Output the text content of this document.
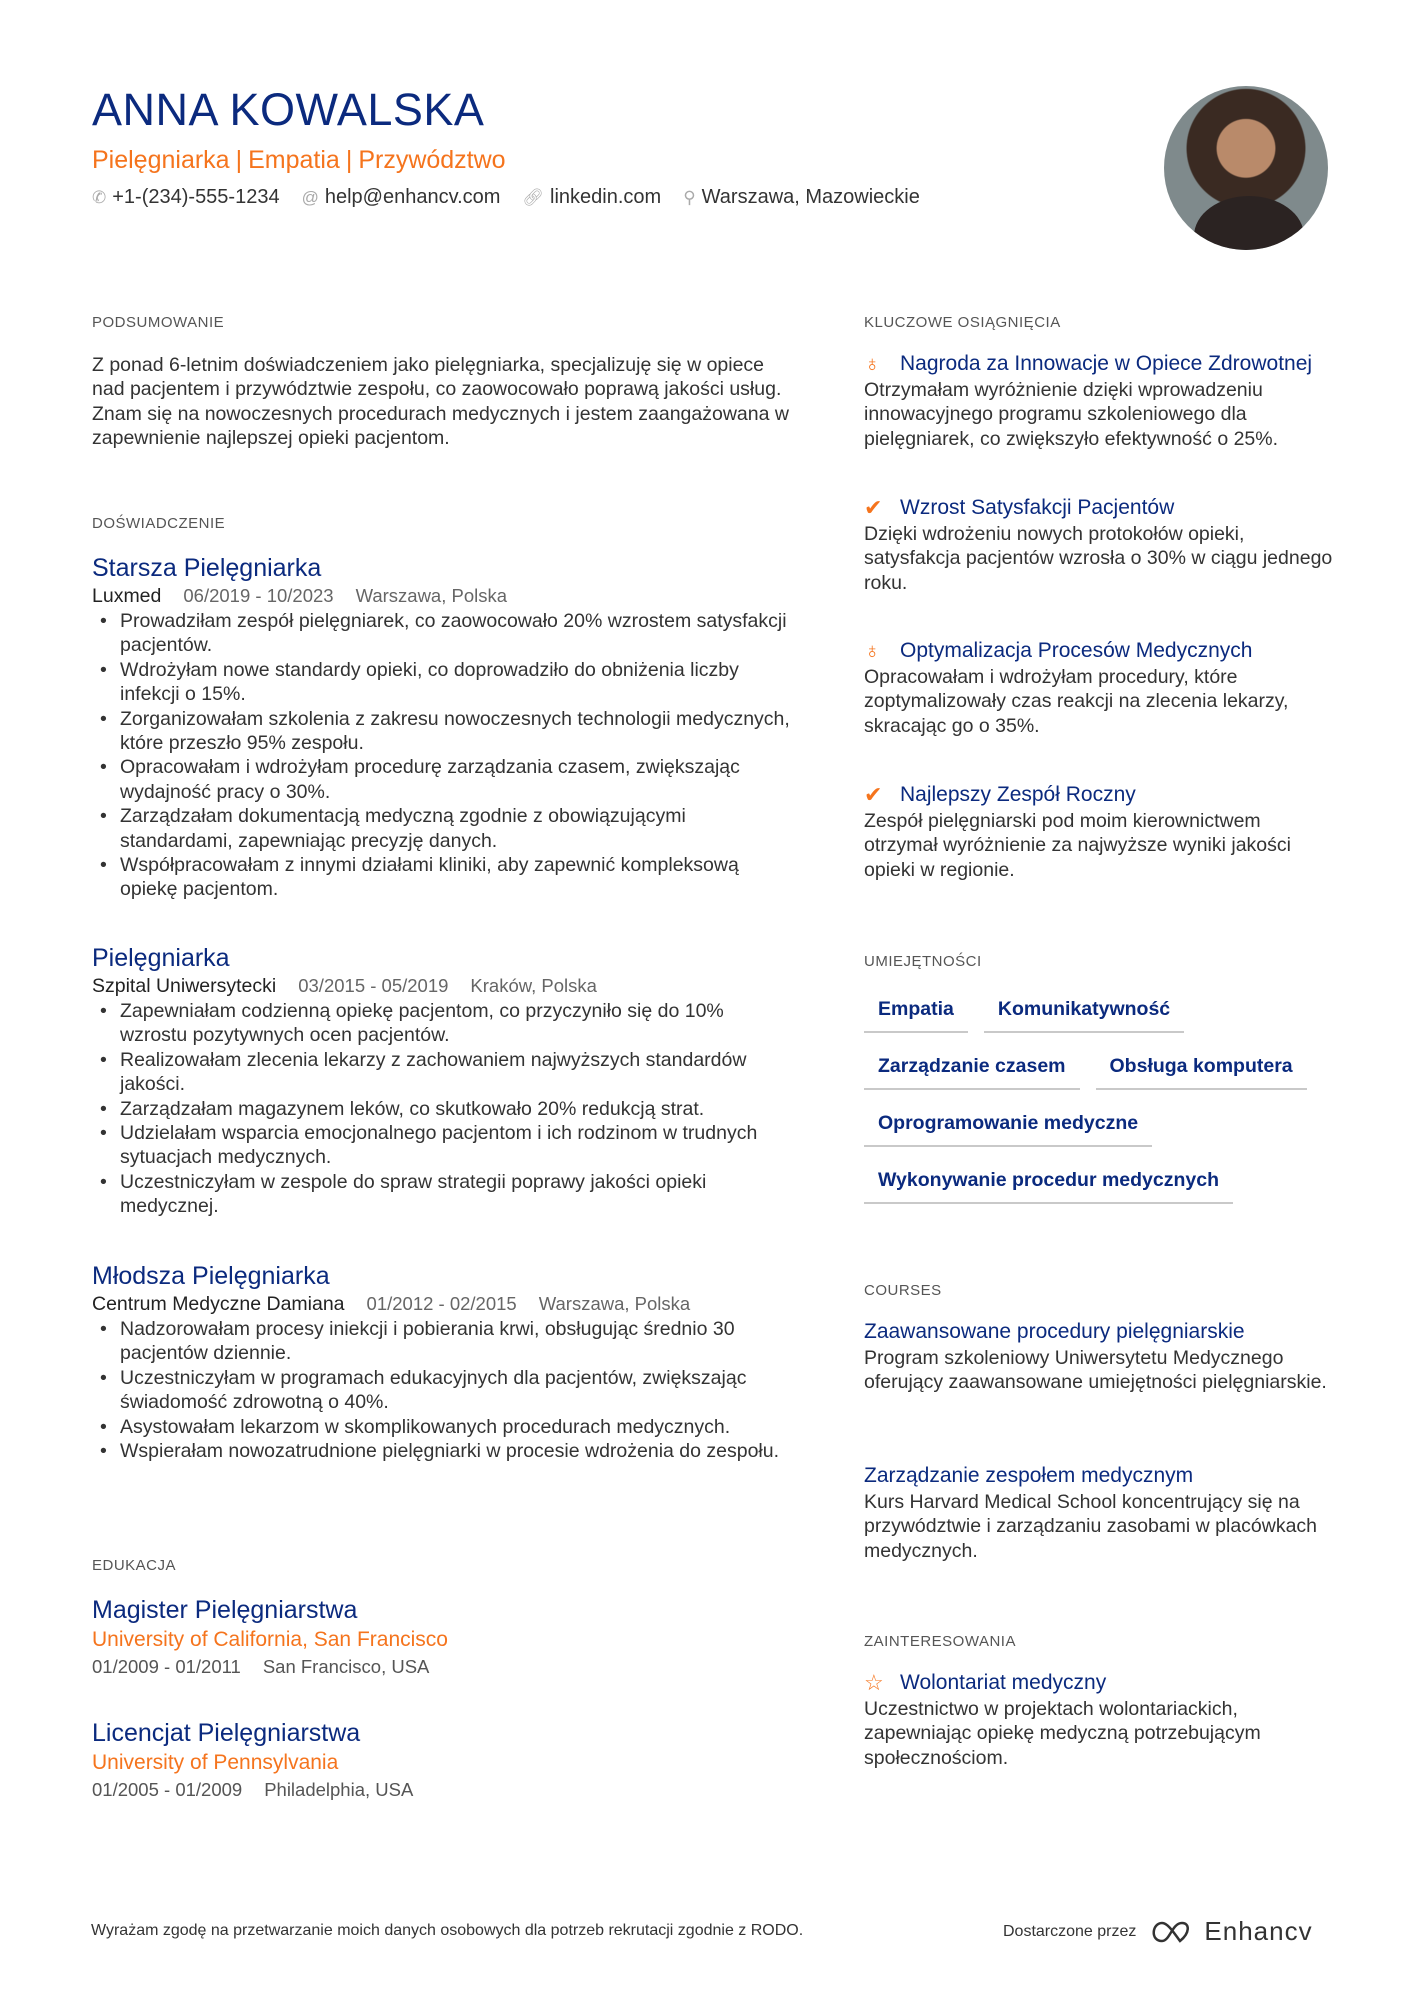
ANNA KOWALSKA
Pielęgniarka | Empatia | Przywództwo
✆ +1-(234)-555-1234 @ help@enhancv.com 🔗︎ linkedin.com ⚲ Warszawa, Mazowieckie
PODSUMOWANIE
Z ponad 6-letnim doświadczeniem jako pielęgniarka, specjalizuję się w opiece nad pacjentem i przywództwie zespołu, co zaowocowało poprawą jakości usług. Znam się na nowoczesnych procedurach medycznych i jestem zaangażowana w zapewnienie najlepszej opieki pacjentom.
DOŚWIADCZENIE
Starsza Pielęgniarka
Luxmed 06/2019 - 10/2023 Warszawa, Polska
• Prowadziłam zespół pielęgniarek, co zaowocowało 20% wzrostem satysfakcji pacjentów.
• Wdrożyłam nowe standardy opieki, co doprowadziło do obniżenia liczby infekcji o 15%.
• Zorganizowałam szkolenia z zakresu nowoczesnych technologii medycznych, które przeszło 95% zespołu.
• Opracowałam i wdrożyłam procedurę zarządzania czasem, zwiększając wydajność pracy o 30%.
• Zarządzałam dokumentacją medyczną zgodnie z obowiązującymi standardami, zapewniając precyzję danych.
• Współpracowałam z innymi działami kliniki, aby zapewnić kompleksową opiekę pacjentom.
Pielęgniarka
Szpital Uniwersytecki 03/2015 - 05/2019 Kraków, Polska
• Zapewniałam codzienną opiekę pacjentom, co przyczyniło się do 10% wzrostu pozytywnych ocen pacjentów.
• Realizowałam zlecenia lekarzy z zachowaniem najwyższych standardów jakości.
• Zarządzałam magazynem leków, co skutkowało 20% redukcją strat.
• Udzielałam wsparcia emocjonalnego pacjentom i ich rodzinom w trudnych sytuacjach medycznych.
• Uczestniczyłam w zespole do spraw strategii poprawy jakości opieki medycznej.
Młodsza Pielęgniarka
Centrum Medyczne Damiana 01/2012 - 02/2015 Warszawa, Polska
• Nadzorowałam procesy iniekcji i pobierania krwi, obsługując średnio 30 pacjentów dziennie.
• Uczestniczyłam w programach edukacyjnych dla pacjentów, zwiększając świadomość zdrowotną o 40%.
• Asystowałam lekarzom w skomplikowanych procedurach medycznych.
• Wspierałam nowozatrudnione pielęgniarki w procesie wdrożenia do zespołu.
EDUKACJA
Magister Pielęgniarstwa
University of California, San Francisco
01/2009 - 01/2011 San Francisco, USA
Licencjat Pielęgniarstwa
University of Pennsylvania
01/2005 - 01/2009 Philadelphia, USA
KLUCZOWE OSIĄGNIĘCIA
♁ Nagroda za Innowacje w Opiece Zdrowotnej
Otrzymałam wyróżnienie dzięki wprowadzeniu innowacyjnego programu szkoleniowego dla pielęgniarek, co zwiększyło efektywność o 25%.
✔ Wzrost Satysfakcji Pacjentów
Dzięki wdrożeniu nowych protokołów opieki, satysfakcja pacjentów wzrosła o 30% w ciągu jednego roku.
♁ Optymalizacja Procesów Medycznych
Opracowałam i wdrożyłam procedury, które zoptymalizowały czas reakcji na zlecenia lekarzy, skracając go o 35%.
✔ Najlepszy Zespół Roczny
Zespół pielęgniarski pod moim kierownictwem otrzymał wyróżnienie za najwyższe wyniki jakości opieki w regionie.
UMIEJĘTNOŚCI
Empatia	Komunikatywność
Zarządzanie czasem	Obsługa komputera
Oprogramowanie medyczne
Wykonywanie procedur medycznych
COURSES
Zaawansowane procedury pielęgniarskie
Program szkoleniowy Uniwersytetu Medycznego oferujący zaawansowane umiejętności pielęgniarskie.
Zarządzanie zespołem medycznym
Kurs Harvard Medical School koncentrujący się na przywództwie i zarządzaniu zasobami w placówkach medycznych.
ZAINTERESOWANIA
☆ Wolontariat medyczny
Uczestnictwo w projektach wolontariackich, zapewniając opiekę medyczną potrzebującym społecznościom.
Wyrażam zgodę na przetwarzanie moich danych osobowych dla potrzeb rekrutacji zgodnie z RODO.	Dostarczone przez	Enhancv
